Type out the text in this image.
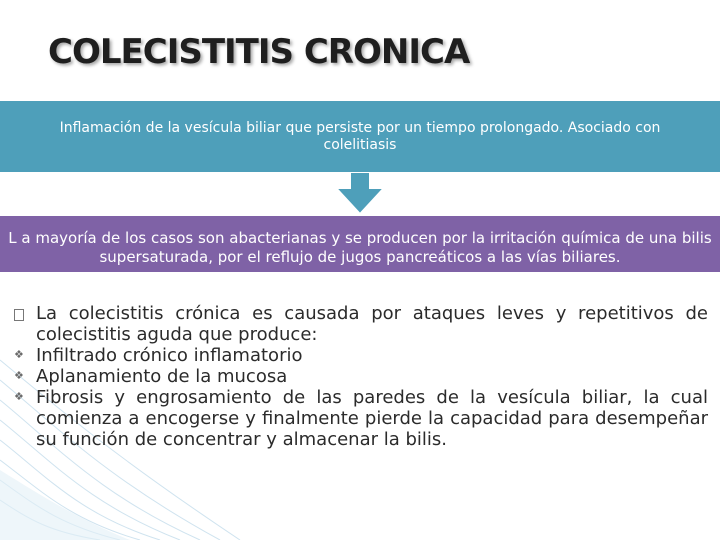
COLECISTITIS CRONICA
Inflamación de la vesícula biliar que persiste por un tiempo prolongado. Asociado con colelitiasis
L a mayoría de los casos son abacterianas y se producen por la irritación química de una bilis supersaturada, por el reflujo de jugos pancreáticos a las vías biliares.
La colecistitis crónica es causada por ataques leves y repetitivos de colecistitis aguda que produce:
❖ Infiltrado crónico inflamatorio
❖ Aplanamiento de la mucosa
❖ Fibrosis y engrosamiento de las paredes de la vesícula biliar, la cual comienza a encogerse y finalmente pierde la capacidad para desempeñar su función de concentrar y almacenar la bilis.
